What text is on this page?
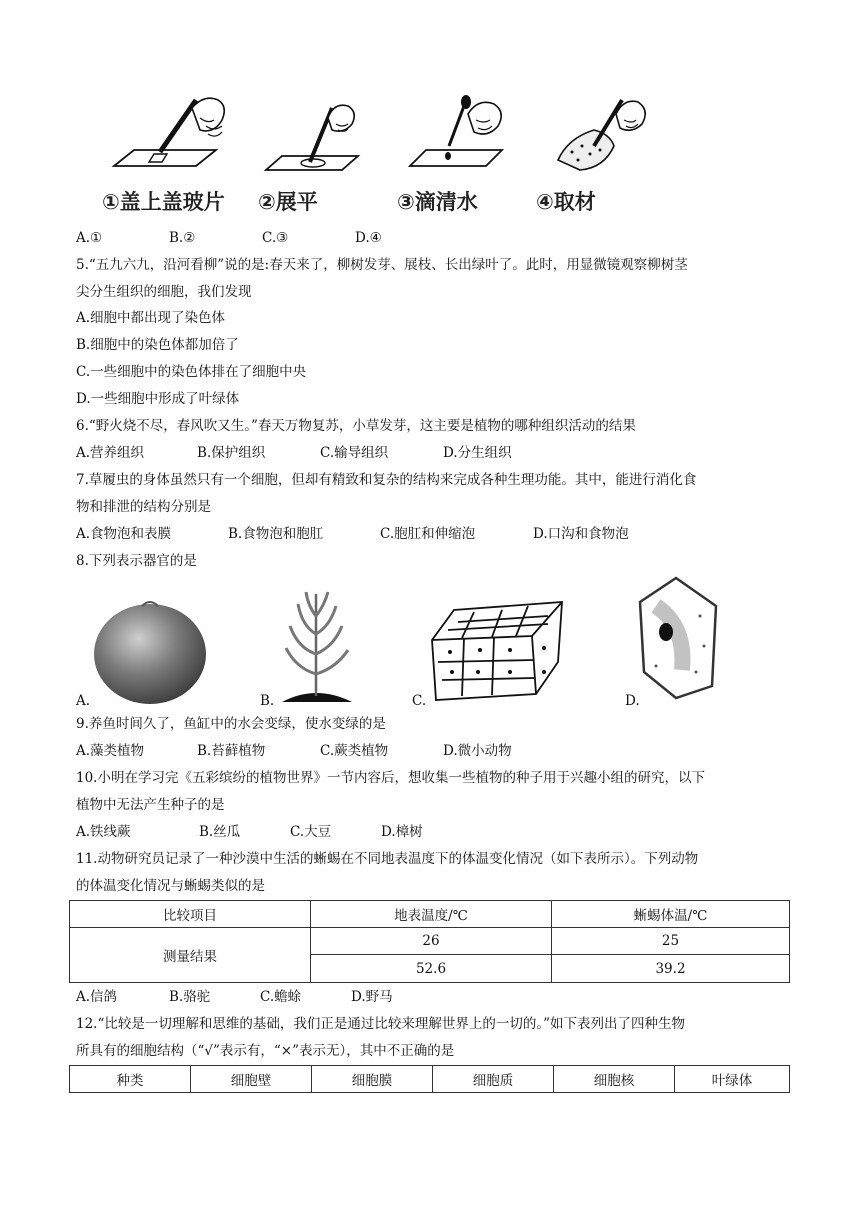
①盖上盖玻片 ②展平	③滴清水	④取材
A.①	B.②	C.③	D.④
5.“五九六九，沿河看柳”说的是:春天来了，柳树发芽、展枝、长出绿叶了。此时，用显微镜观察柳树茎
尖分生组织的细胞，我们发现
A.细胞中都出现了染色体
B.细胞中的染色体都加倍了
C.一些细胞中的染色体排在了细胞中央
D.一些细胞中形成了叶绿体
6.“野火烧不尽，春风吹又生。”春天万物复苏，小草发芽，这主要是植物的哪种组织活动的结果
A.营养组织	B.保护组织	C.输导组织	D.分生组织
7.草履虫的身体虽然只有一个细胞，但却有精致和复杂的结构来完成各种生理功能。其中，能进行消化食
物和排泄的结构分别是
A.食物泡和表膜	B.食物泡和胞肛	C.胞肛和伸缩泡	D.口沟和食物泡
8.下列表示器官的是
A.	B.	C.	D.
9.养鱼时间久了，鱼缸中的水会变绿，使水变绿的是
A.藻类植物	B.苔藓植物	C.蕨类植物	D.微小动物
10.小明在学习完《五彩缤纷的植物世界》一节内容后，想收集一些植物的种子用于兴趣小组的研究，以下
植物中无法产生种子的是
A.铁线蕨	B.丝瓜	C.大豆	D.樟树
11.动物研究员记录了一种沙漠中生活的蜥蜴在不同地表温度下的体温变化情况（如下表所示）。下列动物
的体温变化情况与蜥蜴类似的是
比较项目	地表温度/℃	蜥蜴体温/℃
测量结果	26	25
	52.6	39.2
A.信鸽	B.骆驼	C.蟾蜍	D.野马
12.“比较是一切理解和思维的基础，我们正是通过比较来理解世界上的一切的。”如下表列出了四种生物
所具有的细胞结构（“√”表示有，“×”表示无），其中不正确的是
种类	细胞壁	细胞膜	细胞质	细胞核	叶绿体
